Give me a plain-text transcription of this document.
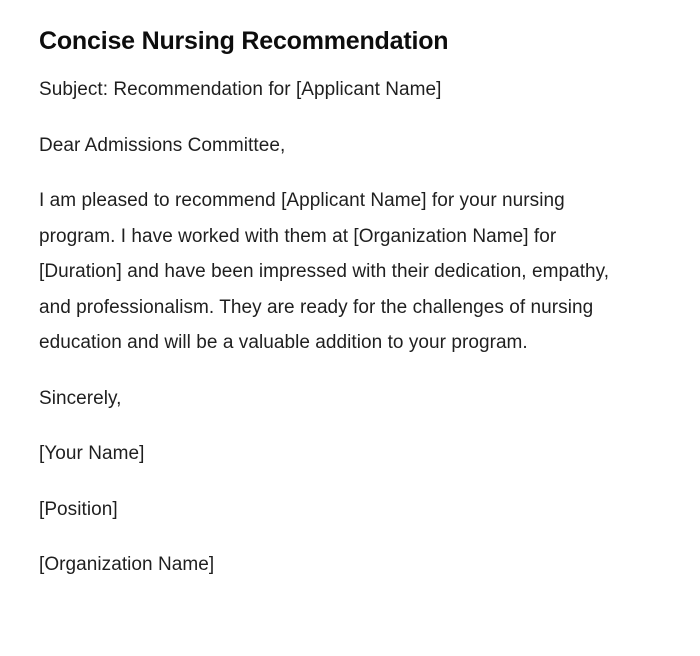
Concise Nursing Recommendation

Subject: Recommendation for [Applicant Name]

Dear Admissions Committee,

I am pleased to recommend [Applicant Name] for your nursing program. I have worked with them at [Organization Name] for [Duration] and have been impressed with their dedication, empathy, and professionalism. They are ready for the challenges of nursing education and will be a valuable addition to your program.

Sincerely,

[Your Name]

[Position]

[Organization Name]
